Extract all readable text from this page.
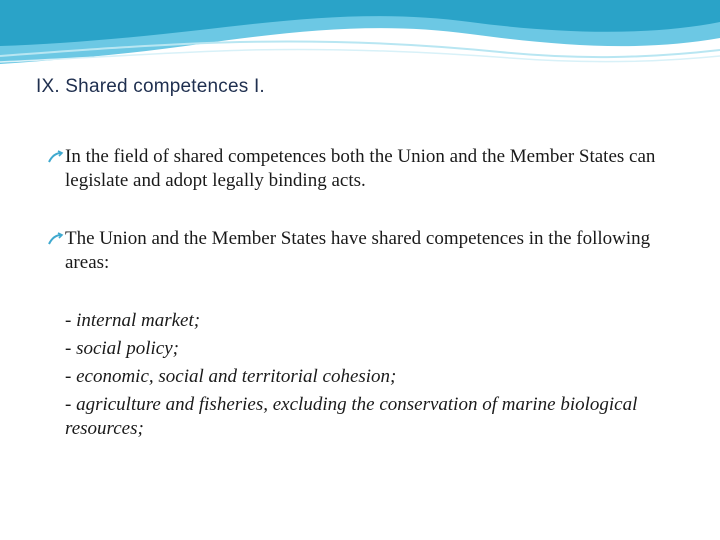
IX. Shared competences I.
In the field of shared competences both the Union and the Member States can legislate and adopt legally binding acts.
The Union and the Member States have shared competences in the following areas:
- internal market;
- social policy;
- economic, social and territorial cohesion;
- agriculture and fisheries, excluding the conservation of marine biological resources;
